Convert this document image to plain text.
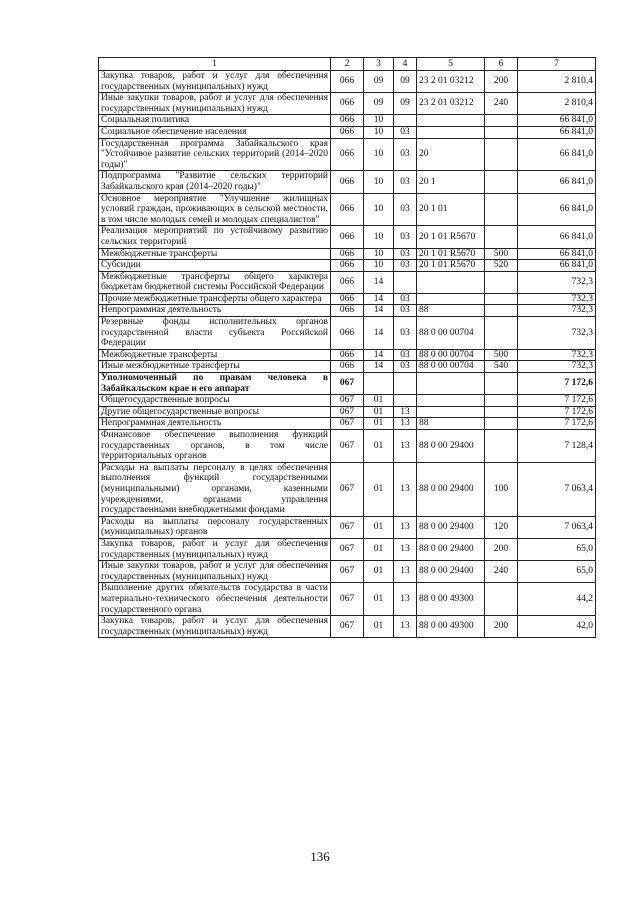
1	2	3	4	5	6	7
Закупка товаров, работ и услуг для обеспечения государственных (муниципальных) нужд	066	09	09	23 2 01 03212	200	2 810,4
Иные закупки товаров, работ и услуг для обеспечения государственных (муниципальных) нужд	066	09	09	23 2 01 03212	240	2 810,4
Социальная политика	066	10				66 841,0
Социальное обеспечение населения	066	10	03			66 841,0
Государственная программа Забайкальского края "Устойчивое развитие сельских территорий (2014–2020 годы)"	066	10	03	20		66 841,0
Подпрограмма "Развитие сельских территорий Забайкальского края (2014–2020 годы)"	066	10	03	20 1		66 841,0
Основное мероприятие "Улучшение жилищных условий граждан, проживающих в сельской местности, в том числе молодых семей и молодых специалистов"	066	10	03	20 1 01		66 841,0
Реализация мероприятий по устойчивому развитию сельских территорий	066	10	03	20 1 01 R5670		66 841,0
Межбюджетные трансферты	066	10	03	20 1 01 R5670	500	66 841,0
Субсидии	066	10	03	20 1 01 R5670	520	66 841,0
Межбюджетные трансферты общего характера бюджетам бюджетной системы Российской Федерации	066	14				732,3
Прочие межбюджетные трансферты общего характера	066	14	03			732,3
Непрограммная деятельность	066	14	03	88		732,3
Резервные фонды исполнительных органов государственной власти субъекта Российской Федерации	066	14	03	88 0 00 00704		732,3
Межбюджетные трансферты	066	14	03	88 0 00 00704	500	732,3
Иные межбюджетные трансферты	066	14	03	88 0 00 00704	540	732,3
Уполномоченный по правам человека в Забайкальском крае и его аппарат	067					7 172,6
Общегосударственные вопросы	067	01				7 172,6
Другие общегосударственные вопросы	067	01	13			7 172,6
Непрограммная деятельность	067	01	13	88		7 172,6
Финансовое обеспечение выполнения функций государственных органов, в том числе территориальных органов	067	01	13	88 0 00 29400		7 128,4
Расходы на выплаты персоналу в целях обеспечения выполнения функций государственными (муниципальными) органами, казенными учреждениями, органами управления государственными внебюджетными фондами	067	01	13	88 0 00 29400	100	7 063,4
Расходы на выплаты персоналу государственных (муниципальных) органов	067	01	13	88 0 00 29400	120	7 063,4
Закупка товаров, работ и услуг для обеспечения государственных (муниципальных) нужд	067	01	13	88 0 00 29400	200	65,0
Иные закупки товаров, работ и услуг для обеспечения государственных (муниципальных) нужд	067	01	13	88 0 00 29400	240	65,0
Выполнение других обязательств государства в части материально-технического обеспечения деятельности государственного органа	067	01	13	88 0 00 49300		44,2
Закупка товаров, работ и услуг для обеспечения государственных (муниципальных) нужд	067	01	13	88 0 00 49300	200	42,0
136
